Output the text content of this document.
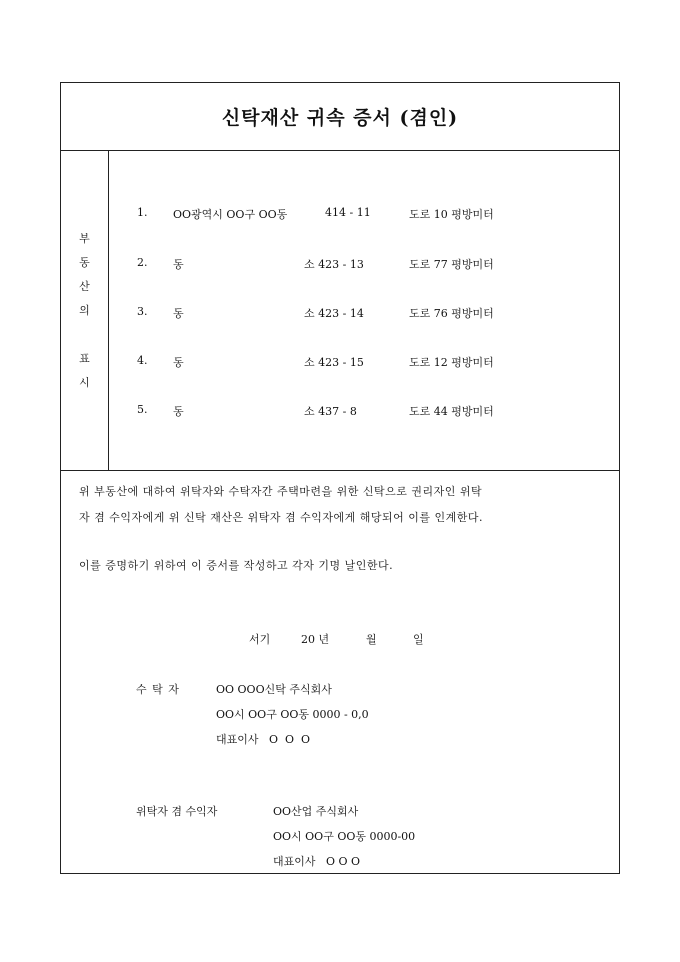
신탁재산 귀속 증서 (겸인)
부
동
산
의
표
시
1. OO광역시 OO구 OO동	414 - 11	도로 10 평방미터
2. 동	소 423 - 13	도로 77 평방미터
3. 동	소 423 - 14	도로 76 평방미터
4. 동	소 423 - 15	도로 12 평방미터
5. 동	소 437 - 8	도로 44 평방미터
위 부동산에 대하여 위탁자와 수탁자간 주택마련을 위한 신탁으로 권리자인 위탁
자 겸 수익자에게 위 신탁 재산은 위탁자 겸 수익자에게 해당되어 이를 인계한다.
이를 증명하기 위하여 이 증서를 작성하고 각자 기명 날인한다.
서기	20 년	월	일
수 탁 자	OO OOO신탁 주식회사
OO시 OO구 OO동 0000 - 0,0
대표이사   O  O  O
위탁자 겸 수익자	OO산업 주식회사
OO시 OO구 OO동 0000-00
대표이사   O O O
